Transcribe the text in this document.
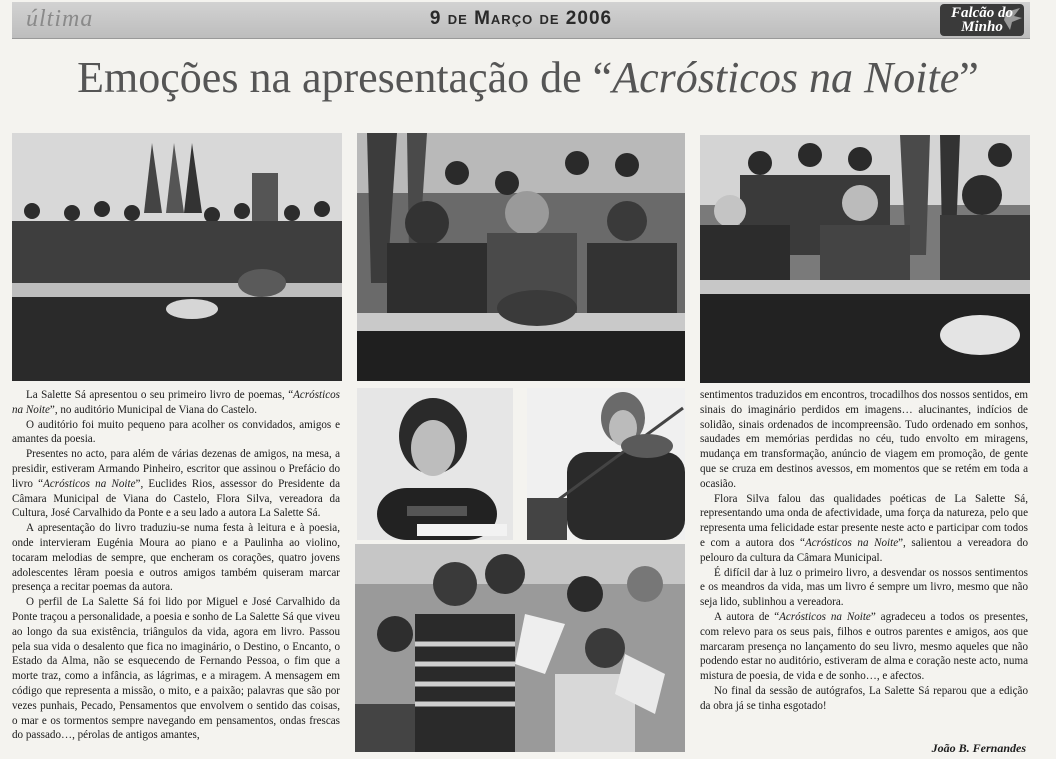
última	9 de Março de 2006	Falcão do Minho
Emoções na apresentação de “Acrósticos na Noite”

La Salette Sá apresentou o seu primeiro livro de poemas, “Acrósticos na Noite”, no auditório Municipal de Viana do Castelo.

O auditório foi muito pequeno para acolher os convidados, amigos e amantes da poesia.

Presentes no acto, para além de várias dezenas de amigos, na mesa, a presidir, estiveram Armando Pinheiro, escritor que assinou o Prefácio do livro “Acrósticos na Noite”, Euclides Rios, assessor do Presidente da Câmara Municipal de Viana do Castelo, Flora Silva, vereadora da Cultura, José Carvalhido da Ponte e a seu lado a autora La Salette Sá.

A apresentação do livro traduziu-se numa festa à leitura e à poesia, onde intervieram Eugénia Moura ao piano e a Paulinha ao violino, tocaram melodias de sempre, que encheram os corações, quatro jovens adolescentes lêram poesia e outros amigos também quiseram marcar presença a recitar poemas da autora.

O perfil de La Salette Sá foi lido por Miguel e José Carvalhido da Ponte traçou a personalidade, a poesia e sonho de La Salette Sá que viveu ao longo da sua existência, triângulos da vida, agora em livro. Passou pela sua vida o desalento que fica no imaginário, o Destino, o Encanto, o Estado da Alma, não se esquecendo de Fernando Pessoa, o fim que a morte traz, como a infância, as lágrimas, e a miragem. A mensagem em código que representa a missão, o mito, e a paixão; palavras que são por vezes punhais, Pecado, Pensamentos que envolvem o sentido das coisas, o mar e os tormentos sempre navegando em pensamentos, ondas frescas do passado…, pérolas de antigos amantes,

sentimentos traduzidos em encontros, trocadilhos dos nossos sentidos, em sinais do imaginário perdidos em imagens… alucinantes, indícios de solidão, sinais ordenados de incompreensão. Tudo ordenado em sonhos, saudades em memórias perdidas no céu, tudo envolto em miragens, mudança em transformação, anúncio de viagem em promoção, de gente que se cruza em destinos avessos, em momentos que se retém em toda a ocasião.

Flora Silva falou das qualidades poéticas de La Salette Sá, representando uma onda de afectividade, uma força da natureza, pelo que representa uma felicidade estar presente neste acto e participar com todos e com a autora dos “Acrósticos na Noite”, salientou a vereadora do pelouro da cultura da Câmara Municipal.

É difícil dar à luz o primeiro livro, a desvendar os nossos sentimentos e os meandros da vida, mas um livro é sempre um livro, mesmo que não seja lido, sublinhou a vereadora.

A autora de “Acrósticos na Noite” agradeceu a todos os presentes, com relevo para os seus pais, filhos e outros parentes e amigos, aos que marcaram presença no lançamento do seu livro, mesmo aqueles que não podendo estar no auditório, estiveram de alma e coração neste acto, numa mistura de poesia, de vida e de sonho…, e afectos.

No final da sessão de autógrafos, La Salette Sá reparou que a edição da obra já se tinha esgotado!

João B. Fernandes
